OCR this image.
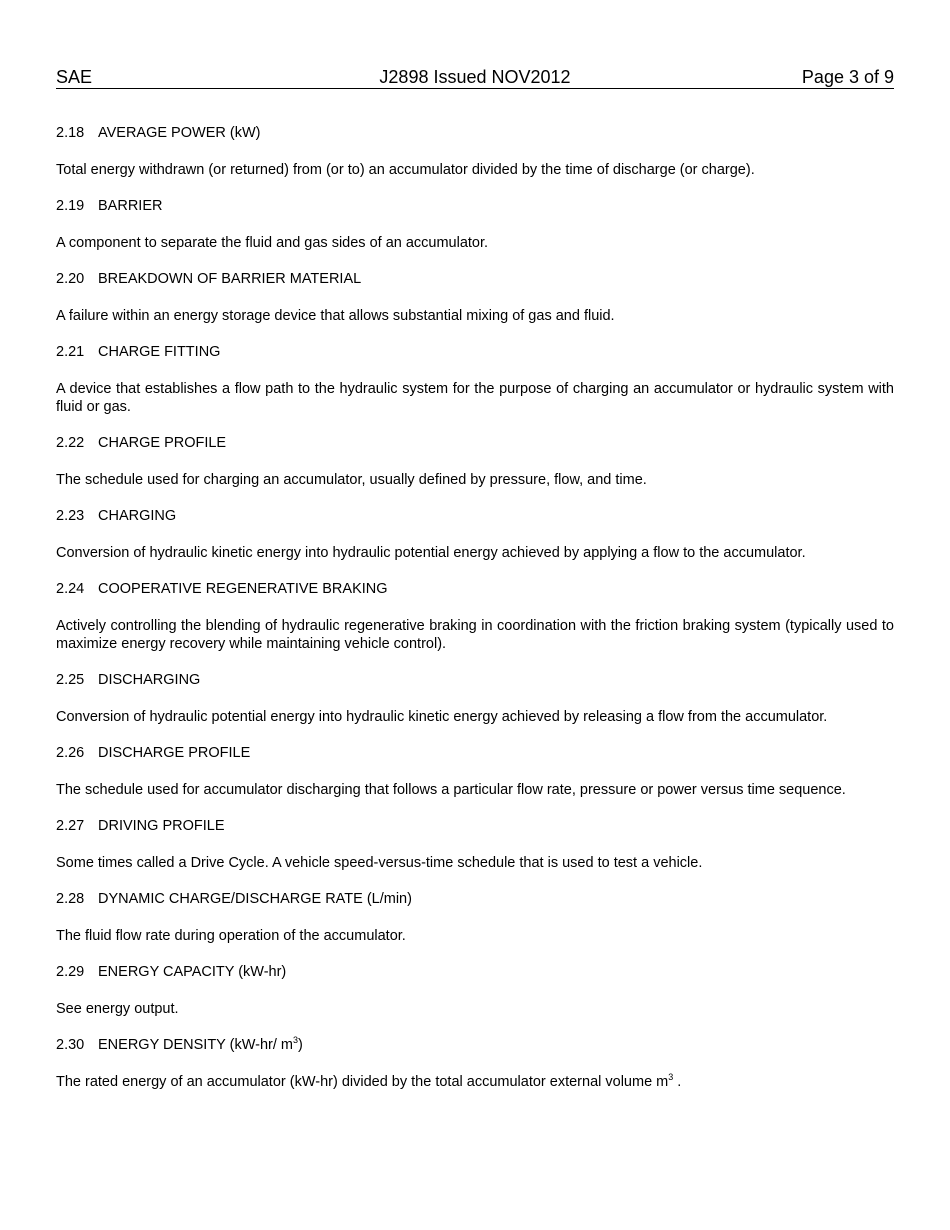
SAE	J2898 Issued NOV2012	Page 3 of 9
2.18 AVERAGE POWER (kW)
Total energy withdrawn (or returned) from (or to) an accumulator divided by the time of discharge (or charge).
2.19 BARRIER
A component to separate the fluid and gas sides of an accumulator.
2.20 BREAKDOWN OF BARRIER MATERIAL
A failure within an energy storage device that allows substantial mixing of gas and fluid.
2.21 CHARGE FITTING
A device that establishes a flow path to the hydraulic system for the purpose of charging an accumulator or hydraulic system with fluid or gas.
2.22 CHARGE PROFILE
The schedule used for charging an accumulator, usually defined by pressure, flow, and time.
2.23 CHARGING
Conversion of hydraulic kinetic energy into hydraulic potential energy achieved by applying a flow to the accumulator.
2.24 COOPERATIVE REGENERATIVE BRAKING
Actively controlling the blending of hydraulic regenerative braking in coordination with the friction braking system (typically used to maximize energy recovery while maintaining vehicle control).
2.25 DISCHARGING
Conversion of hydraulic potential energy into hydraulic kinetic energy achieved by releasing a flow from the accumulator.
2.26 DISCHARGE PROFILE
The schedule used for accumulator discharging that follows a particular flow rate, pressure or power versus time sequence.
2.27 DRIVING PROFILE
Some times called a Drive Cycle. A vehicle speed-versus-time schedule that is used to test a vehicle.
2.28 DYNAMIC CHARGE/DISCHARGE RATE (L/min)
The fluid flow rate during operation of the accumulator.
2.29 ENERGY CAPACITY (kW-hr)
See energy output.
2.30 ENERGY DENSITY (kW-hr/ $m^3$)
The rated energy of an accumulator (kW-hr) divided by the total accumulator external volume $m^3$ .
